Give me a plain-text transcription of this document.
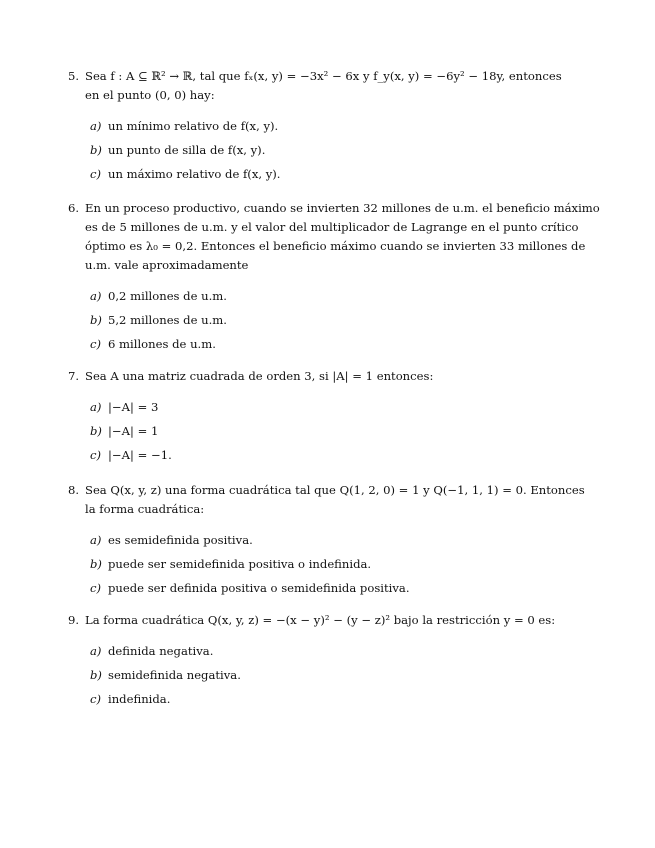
5. Sea f : A ⊆ ℝ² → ℝ, tal que fₓ(x, y) = −3x² − 6x y f_y(x, y) = −6y² − 18y, entonces
en el punto (0, 0) hay:
a) un mínimo relativo de f(x, y).
b) un punto de silla de f(x, y).
c) un máximo relativo de f(x, y).
6. En un proceso productivo, cuando se invierten 32 millones de u.m. el beneficio máximo
es de 5 millones de u.m. y el valor del multiplicador de Lagrange en el punto crítico
óptimo es λ₀ = 0,2. Entonces el beneficio máximo cuando se invierten 33 millones de
u.m. vale aproximadamente
a) 0,2 millones de u.m.
b) 5,2 millones de u.m.
c) 6 millones de u.m.
7. Sea A una matriz cuadrada de orden 3, si |A| = 1 entonces:
a) |−A| = 3
b) |−A| = 1
c) |−A| = −1.
8. Sea Q(x, y, z) una forma cuadrática tal que Q(1, 2, 0) = 1 y Q(−1, 1, 1) = 0. Entonces
la forma cuadrática:
a) es semidefinida positiva.
b) puede ser semidefinida positiva o indefinida.
c) puede ser definida positiva o semidefinida positiva.
9. La forma cuadrática Q(x, y, z) = −(x − y)² − (y − z)² bajo la restricción y = 0 es:
a) definida negativa.
b) semidefinida negativa.
c) indefinida.
